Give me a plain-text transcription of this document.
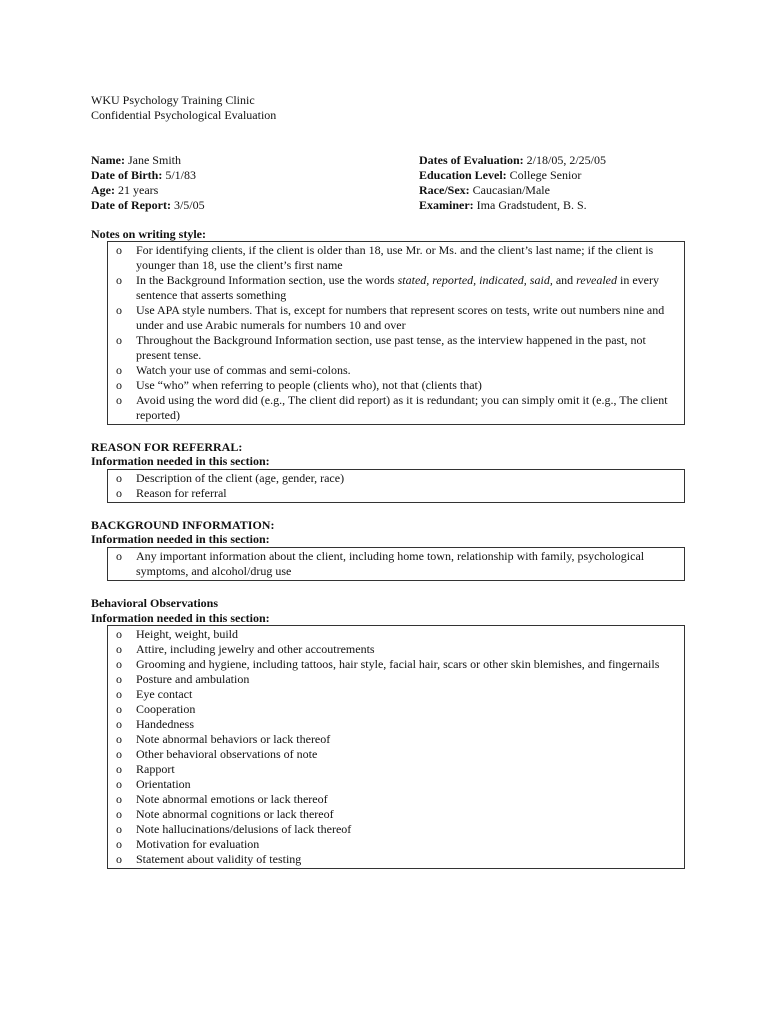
WKU Psychology Training Clinic
Confidential Psychological Evaluation
Name: Jane Smith
Date of Birth: 5/1/83
Age: 21 years
Date of Report: 3/5/05
Dates of Evaluation: 2/18/05, 2/25/05
Education Level: College Senior
Race/Sex: Caucasian/Male
Examiner: Ima Gradstudent, B. S.
Notes on writing style:
o For identifying clients, if the client is older than 18, use Mr. or Ms. and the client’s last name; if the client is younger than 18, use the client’s first name
o In the Background Information section, use the words stated, reported, indicated, said, and revealed in every sentence that asserts something
o Use APA style numbers. That is, except for numbers that represent scores on tests, write out numbers nine and under and use Arabic numerals for numbers 10 and over
o Throughout the Background Information section, use past tense, as the interview happened in the past, not present tense.
o Watch your use of commas and semi-colons.
o Use “who” when referring to people (clients who), not that (clients that)
o Avoid using the word did (e.g., The client did report) as it is redundant; you can simply omit it (e.g., The client reported)
REASON FOR REFERRAL:
Information needed in this section:
o Description of the client (age, gender, race)
o Reason for referral
BACKGROUND INFORMATION:
Information needed in this section:
o Any important information about the client, including home town, relationship with family, psychological symptoms, and alcohol/drug use
Behavioral Observations
Information needed in this section:
o Height, weight, build
o Attire, including jewelry and other accoutrements
o Grooming and hygiene, including tattoos, hair style, facial hair, scars or other skin blemishes, and fingernails
o Posture and ambulation
o Eye contact
o Cooperation
o Handedness
o Note abnormal behaviors or lack thereof
o Other behavioral observations of note
o Rapport
o Orientation
o Note abnormal emotions or lack thereof
o Note abnormal cognitions or lack thereof
o Note hallucinations/delusions of lack thereof
o Motivation for evaluation
o Statement about validity of testing
